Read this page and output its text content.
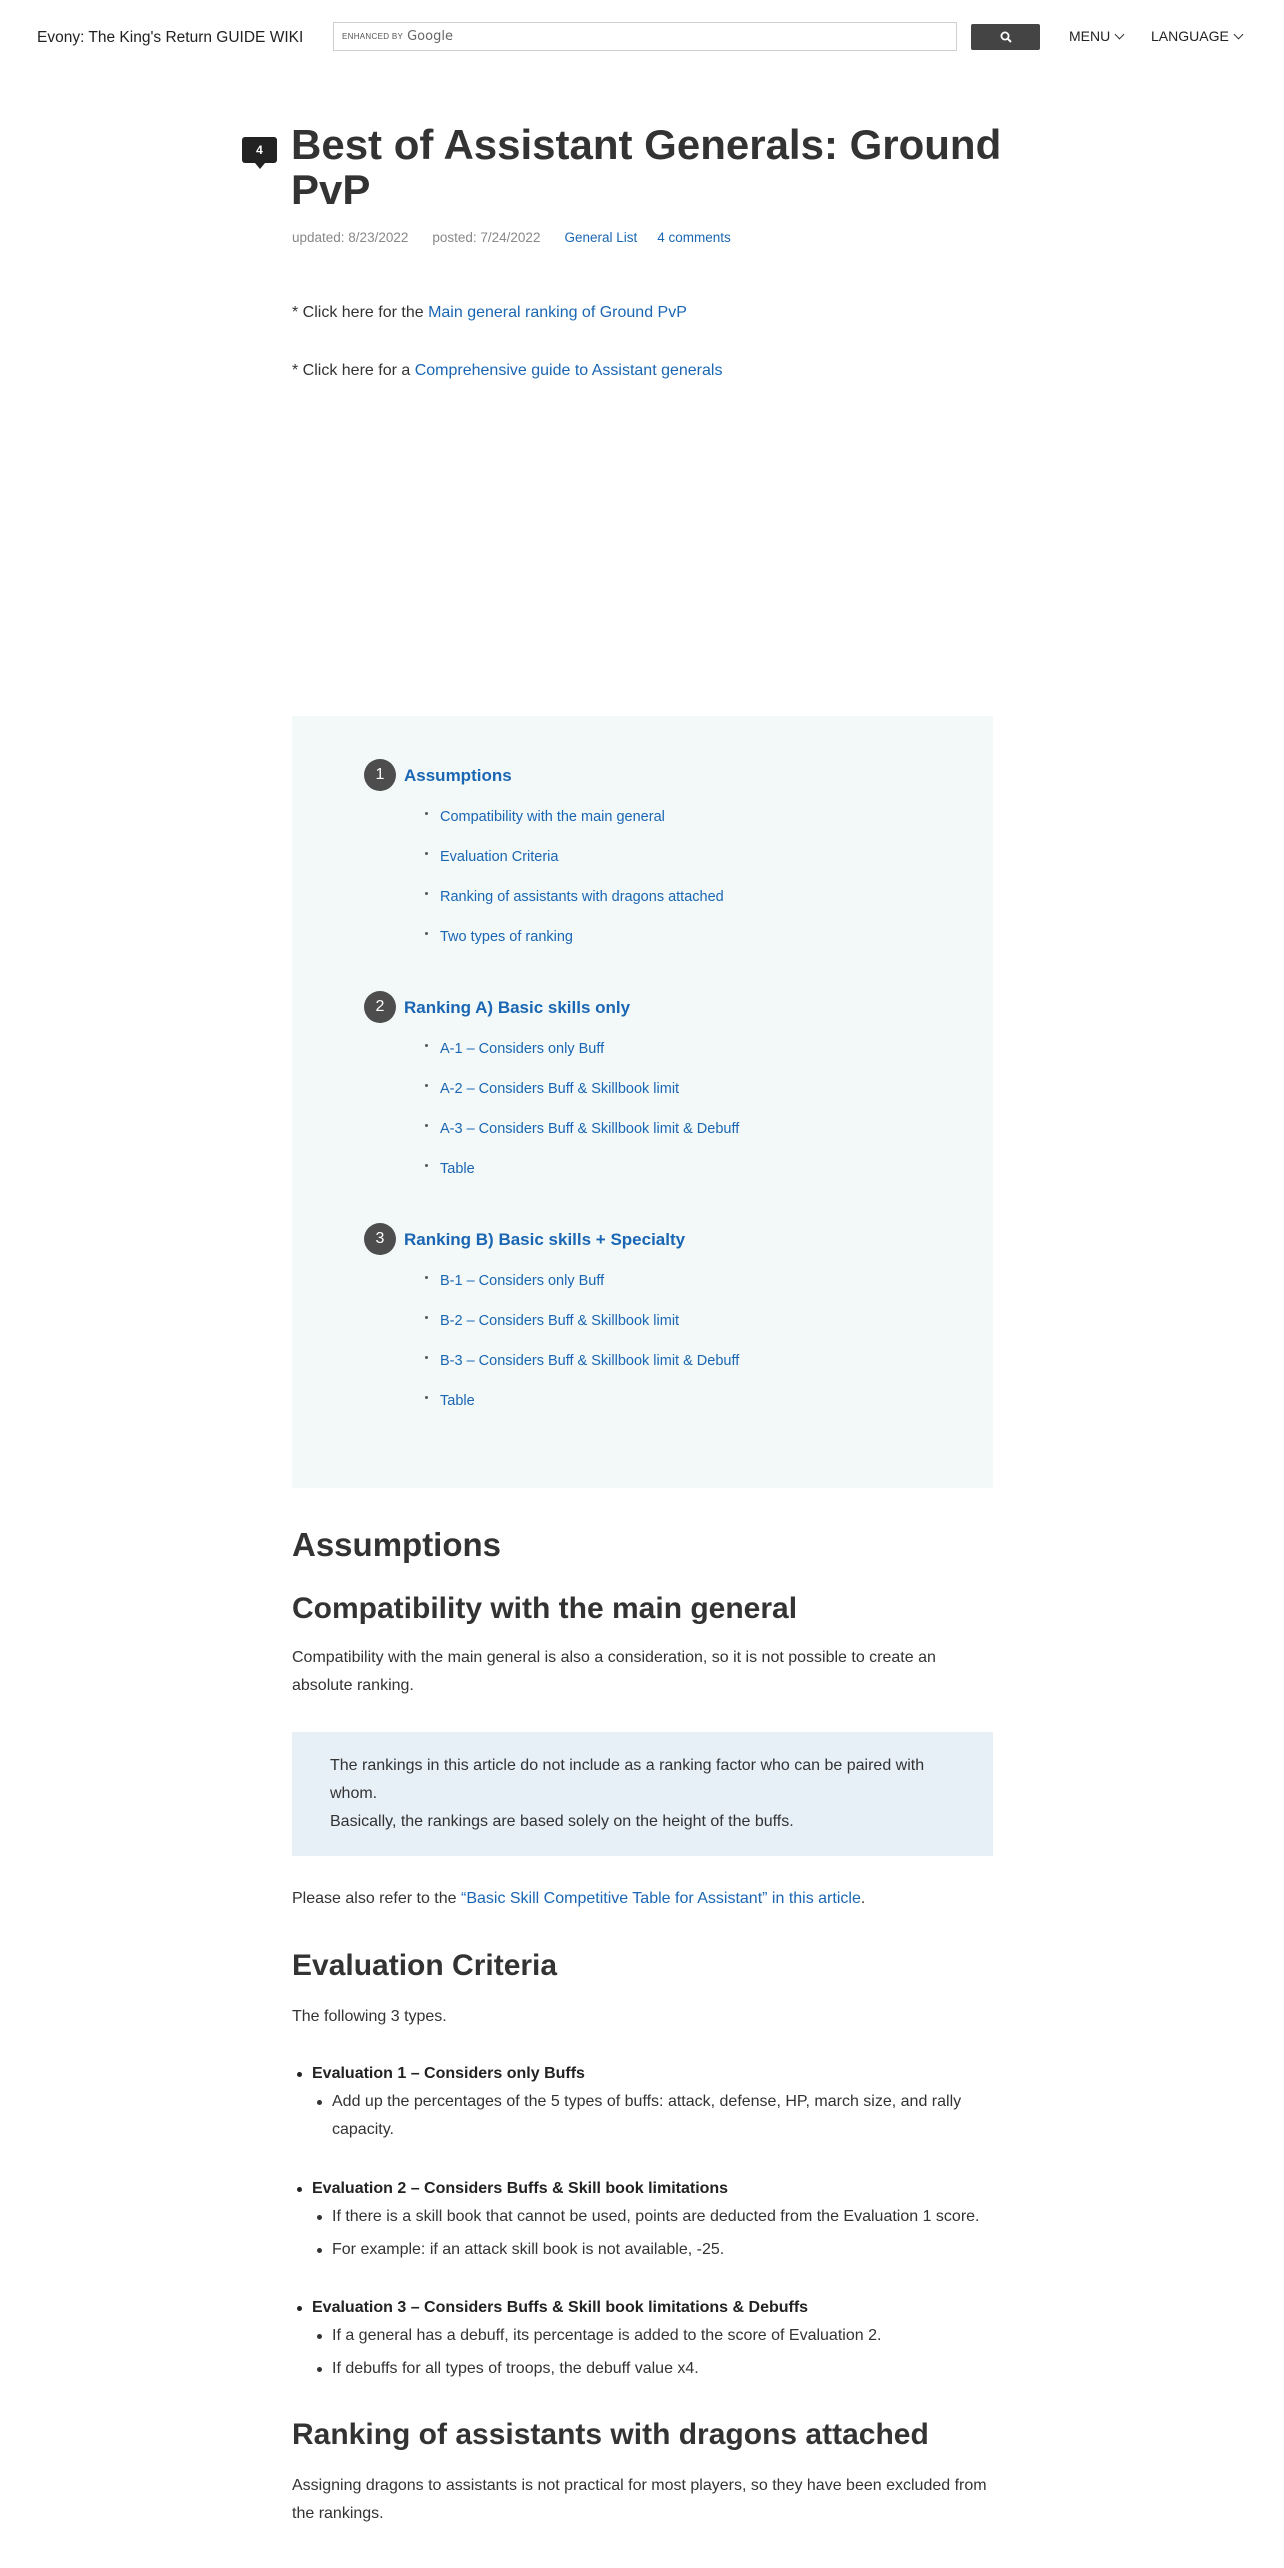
Evony: The King's Return GUIDE WIKI	ENHANCED BY Google	MENU	LANGUAGE
4 Best of Assistant Generals: Ground PvP
updated: 8/23/2022 posted: 7/24/2022 General List 4 comments
* Click here for the Main general ranking of Ground PvP
* Click here for a Comprehensive guide to Assistant generals
1	Assumptions
Compatibility with the main general
Evaluation Criteria
Ranking of assistants with dragons attached
Two types of ranking
2	Ranking A) Basic skills only
A-1 – Considers only Buff
A-2 – Considers Buff & Skillbook limit
A-3 – Considers Buff & Skillbook limit & Debuff
Table
3	Ranking B) Basic skills + Specialty
B-1 – Considers only Buff
B-2 – Considers Buff & Skillbook limit
B-3 – Considers Buff & Skillbook limit & Debuff
Table
Assumptions
Compatibility with the main general

Compatibility with the main general is also a consideration, so it is not possible to create an absolute ranking.

The rankings in this article do not include as a ranking factor who can be paired with whom.
Basically, the rankings are based solely on the height of the buffs.

Please also refer to the “Basic Skill Competitive Table for Assistant” in this article.

Evaluation Criteria

The following 3 types.

Evaluation 1 – Considers only Buffs
Add up the percentages of the 5 types of buffs: attack, defense, HP, march size, and rally capacity.
Evaluation 2 – Considers Buffs & Skill book limitations
If there is a skill book that cannot be used, points are deducted from the Evaluation 1 score.
For example: if an attack skill book is not available, -25.
Evaluation 3 – Considers Buffs & Skill book limitations & Debuffs
If a general has a debuff, its percentage is added to the score of Evaluation 2.
If debuffs for all types of troops, the debuff value x4.
Ranking of assistants with dragons attached

Assigning dragons to assistants is not practical for most players, so they have been excluded from the rankings.
